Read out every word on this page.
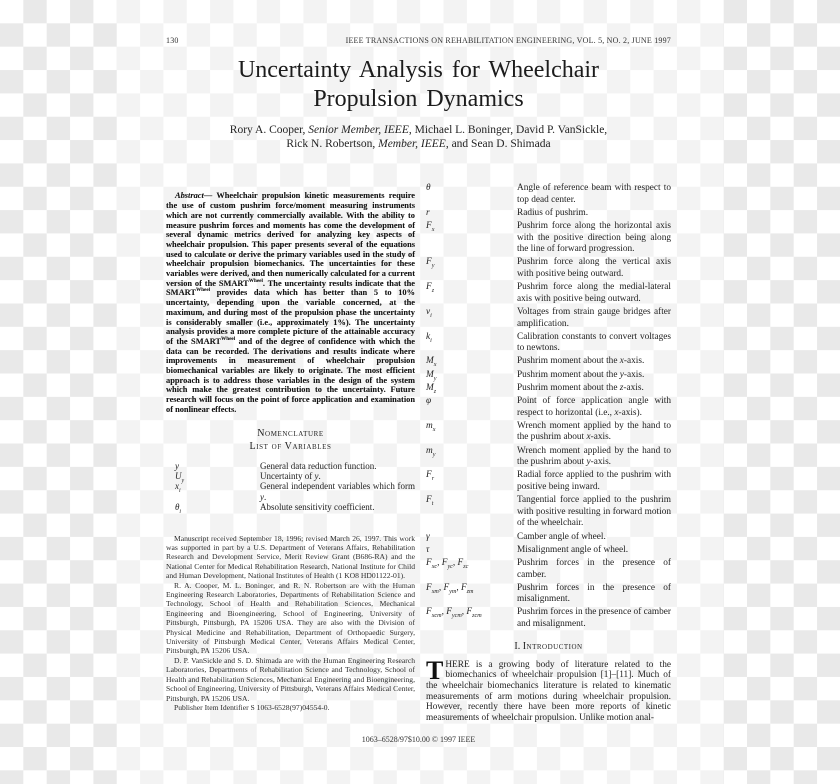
130	IEEE TRANSACTIONS ON REHABILITATION ENGINEERING, VOL. 5, NO. 2, JUNE 1997
Uncertainty Analysis for Wheelchair
Propulsion Dynamics
Rory A. Cooper, Senior Member, IEEE, Michael L. Boninger, David P. VanSickle,
Rick N. Robertson, Member, IEEE, and Sean D. Shimada

Abstract— Wheelchair propulsion kinetic measurements require the use of custom pushrim force/moment measuring instruments which are not currently commercially available. With the ability to measure pushrim forces and moments has come the development of several dynamic metrics derived for analyzing key aspects of wheelchair propulsion. This paper presents several of the equations used to calculate or derive the primary variables used in the study of wheelchair propulsion biomechanics. The uncertainties for these variables were derived, and then numerically calculated for a current version of the $SMART^{Wheel}$. The uncertainty results indicate that the $SMART^{Wheel}$ provides data which has better than 5 to 10% uncertainty, depending upon the variable concerned, at the maximum, and during most of the propulsion phase the uncertainty is considerably smaller (i.e., approximately 1%). The uncertainty analysis provides a more complete picture of the attainable accuracy of the $SMART^{Wheel}$ and of the degree of confidence with which the data can be recorded. The derivations and results indicate where improvements in measurement of wheelchair propulsion biomechanical variables are likely to originate. The most efficient approach is to address those variables in the design of the system which make the greatest contribution to the uncertainty. Future research will focus on the point of force application and examination of nonlinear effects.

Nomenclature
List of Variables
y	General data reduction function.
$U_y$	Uncertainty of y.
$x_i$	General independent variables which form y.
$\theta_i$	Absolute sensitivity coefficient.

Manuscript received September 18, 1996; revised March 26, 1997. This work was supported in part by a U.S. Department of Veterans Affairs, Rehabilitation Research and Development Service, Merit Review Grant (B686-RA) and the National Center for Medical Rehabilitation Research, National Institute for Child and Human Development, National Institutes of Health (1 KO8 HD01122-01).

R. A. Cooper, M. L. Boninger, and R. N. Robertson are with the Human Engineering Research Laboratories, Departments of Rehabilitation Science and Technology, School of Health and Rehabilitation Sciences, Mechanical Engineering and Bioengineering, School of Engineering, University of Pittsburgh, Pittsburgh, PA 15206 USA. They are also with the Division of Physical Medicine and Rehabilitation, Department of Orthopaedic Surgery, University of Pittsburgh Medical Center, Veterans Affairs Medical Center, Pittsburgh, PA 15206 USA.

D. P. VanSickle and S. D. Shimada are with the Human Engineering Research Laboratories, Departments of Rehabilitation Science and Technology, School of Health and Rehabilitation Sciences, Mechanical Engineering and Bioengineering, School of Engineering, University of Pittsburgh, Veterans Affairs Medical Center, Pittsburgh, PA 15206 USA.

Publisher Item Identifier S 1063-6528(97)04554-0.

θ	Angle of reference beam with respect to top dead center.
r	Radius of pushrim.
$F_x$	Pushrim force along the horizontal axis with the positive direction being along the line of forward progression.
$F_y$	Pushrim force along the vertical axis with positive being outward.
$F_z$	Pushrim force along the medial-lateral axis with positive being outward.
$v_i$	Voltages from strain gauge bridges after amplification.
$k_i$	Calibration constants to convert voltages to newtons.
$M_x$	Pushrim moment about the x-axis.
$M_y$	Pushrim moment about the y-axis.
$M_z$	Pushrim moment about the z-axis.
φ	Point of force application angle with respect to horizontal (i.e., x-axis).
$m_x$	Wrench moment applied by the hand to the pushrim about x-axis.
$m_y$	Wrench moment applied by the hand to the pushrim about y-axis.
$F_r$	Radial force applied to the pushrim with positive being inward.
$F_t$	Tangential force applied to the pushrim with positive resulting in forward motion of the wheelchair.
γ	Camber angle of wheel.
τ	Misalignment angle of wheel.
$F_{xc}$, $F_{yc}$, $F_{zc}$	Pushrim forces in the presence of camber.
$F_{xm}$, $F_{ym}$, $F_{zm}$	Pushrim forces in the presence of misalignment.
$F_{xcm}$, $F_{ycm}$, $F_{zcm}$	Pushrim forces in the presence of camber and misalignment.
I. Introduction

THERE is a growing body of literature related to the biomechanics of wheelchair propulsion [1]–[11]. Much of the wheelchair biomechanics literature is related to kinematic measurements of arm motions during wheelchair propulsion. However, recently there have been more reports of kinetic measurements of wheelchair propulsion. Unlike motion anal-

1063–6528/97$10.00 © 1997 IEEE
